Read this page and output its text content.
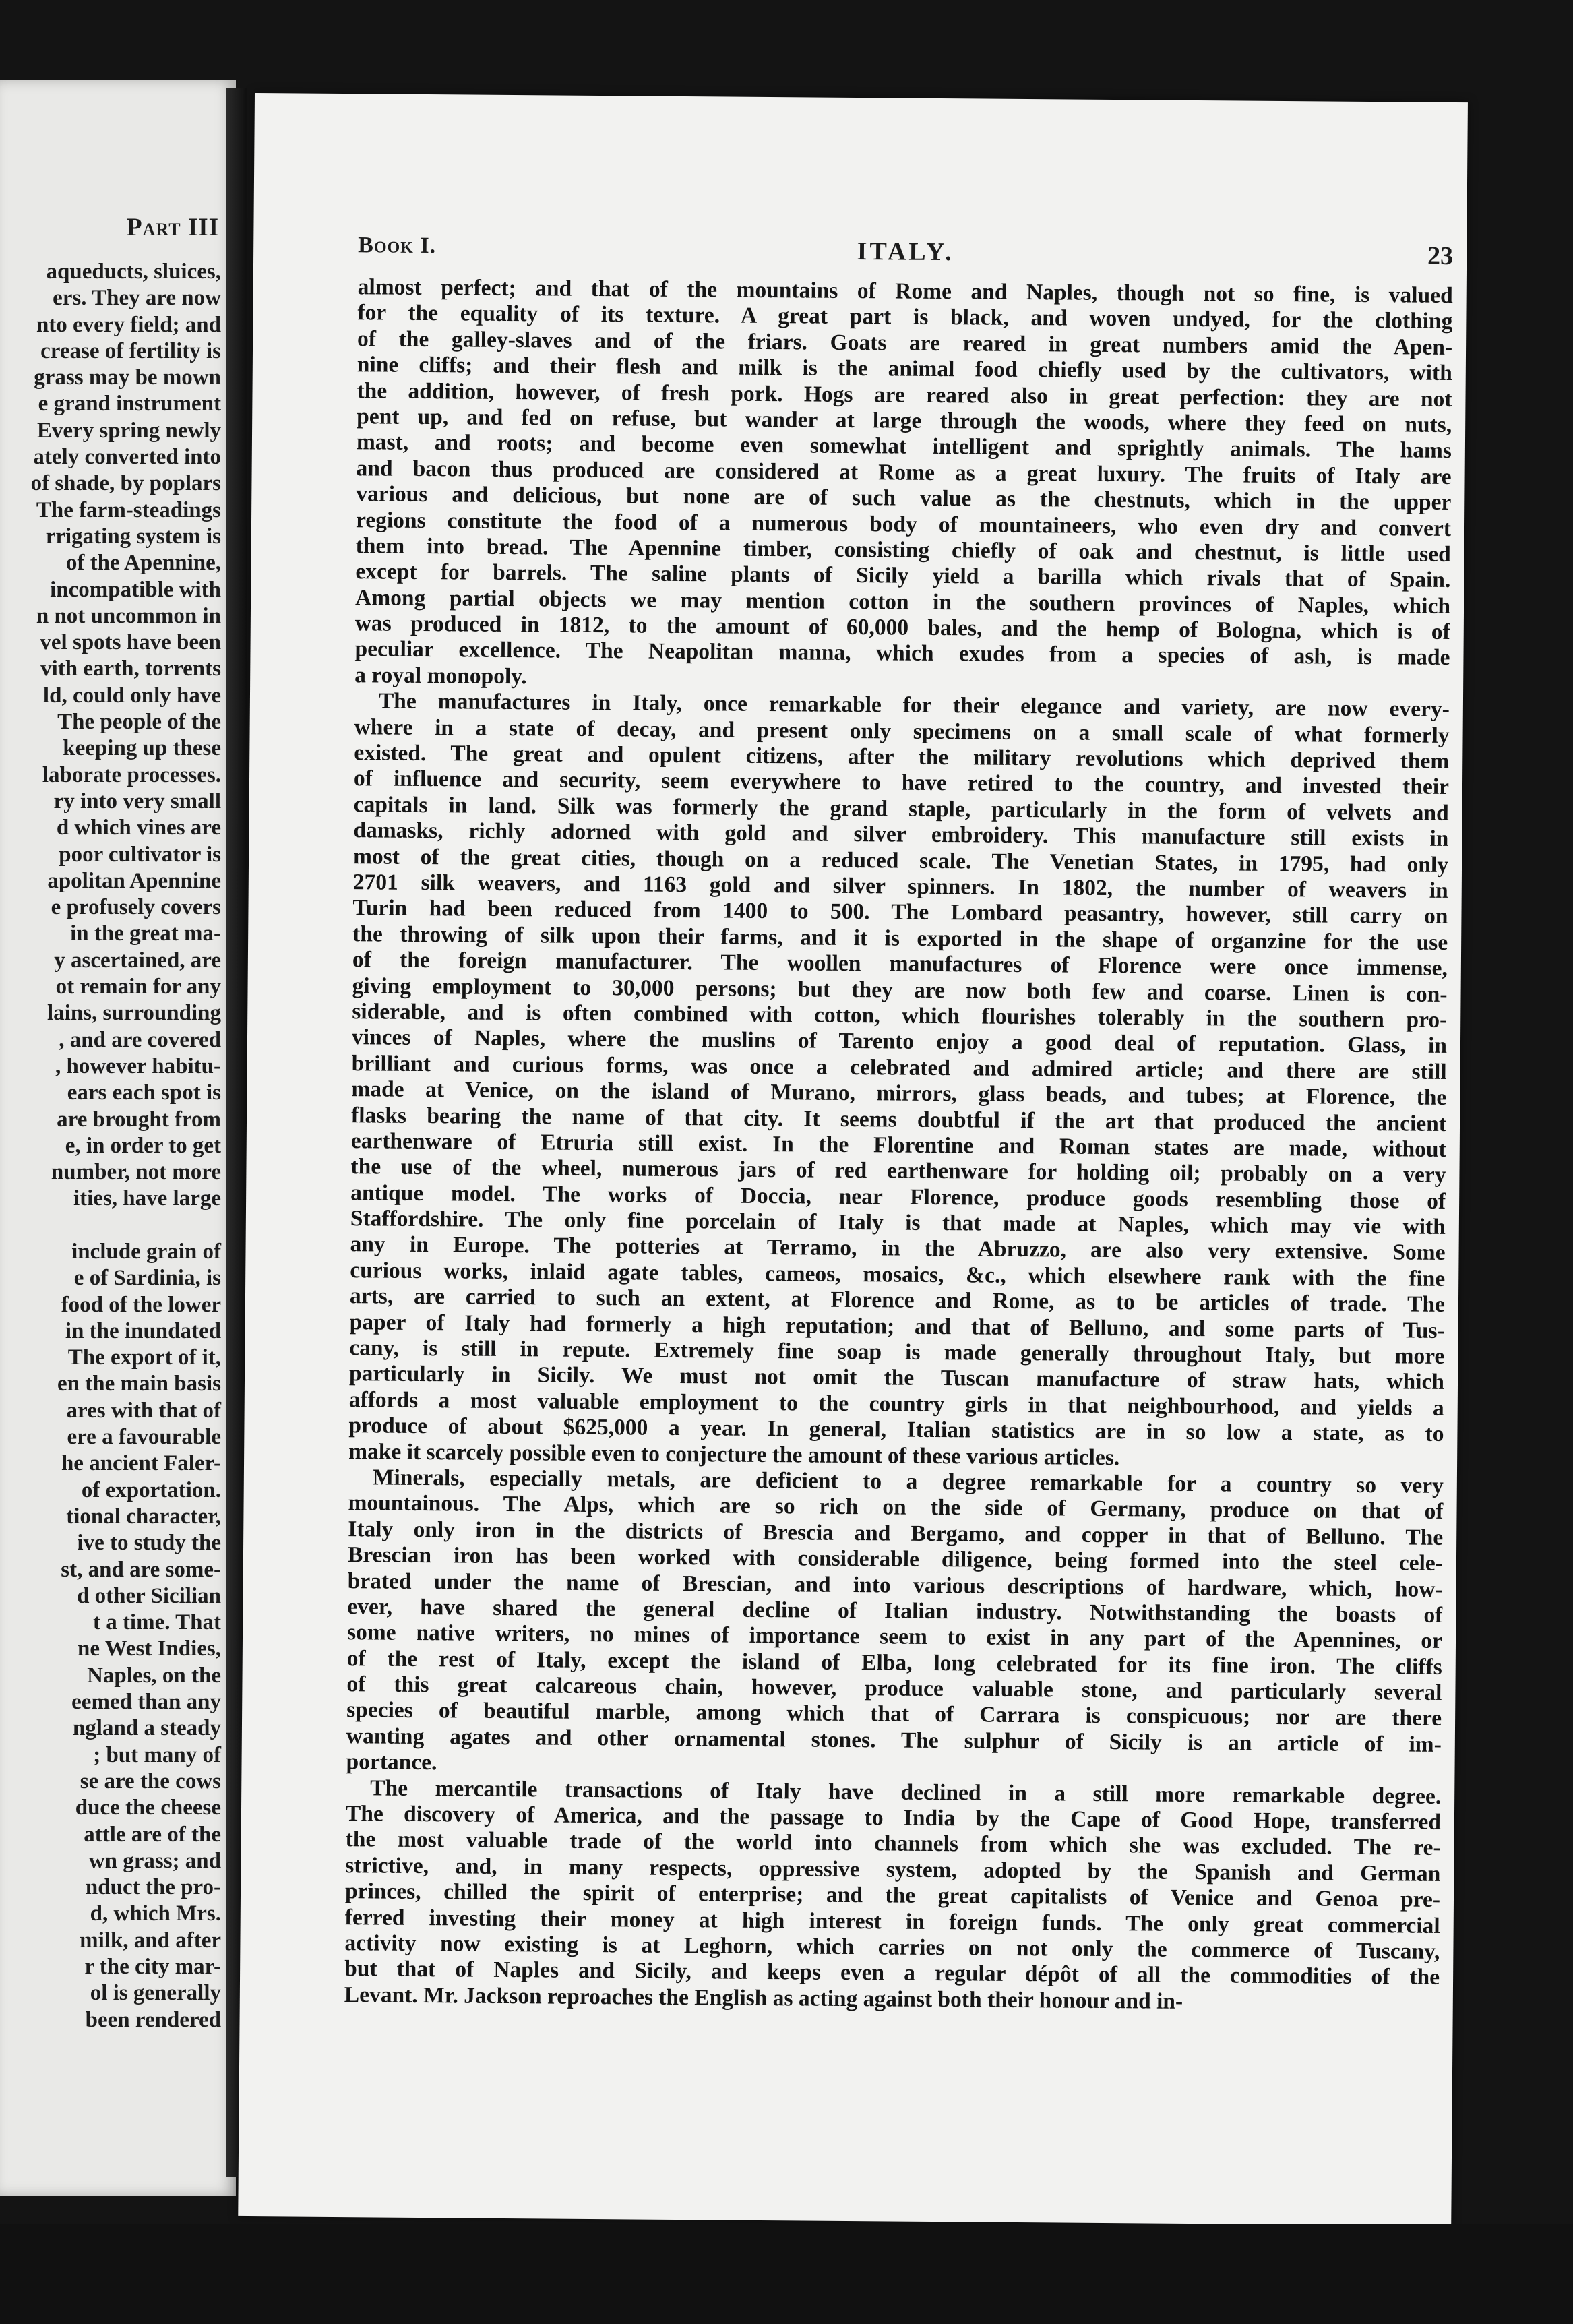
Part III
aqueducts, sluices,
ers. They are now
nto every field; and
crease of fertility is
grass may be mown
e grand instrument
Every spring newly
ately converted into
of shade, by poplars
The farm-steadings
rrigating system is
of the Apennine,
incompatible with
n not uncommon in
vel spots have been
vith earth, torrents
ld, could only have
The people of the
keeping up these
laborate processes.
ry into very small
d which vines are
poor cultivator is
apolitan Apennine
e profusely covers
in the great ma-
y ascertained, are
ot remain for any
lains, surrounding
, and are covered
, however habitu-
ears each spot is
are brought from
e, in order to get
number, not more
ities, have large
include grain of
e of Sardinia, is
food of the lower
in the inundated
The export of it,
en the main basis
ares with that of
ere a favourable
he ancient Faler-
of exportation.
tional character,
ive to study the
st, and are some-
d other Sicilian
t a time. That
ne West Indies,
Naples, on the
eemed than any
ngland a steady
; but many of
se are the cows
duce the cheese
attle are of the
wn grass; and
nduct the pro-
d, which Mrs.
milk, and after
r the city mar-
ol is generally
been rendered
Book I.	ITALY.	23
almost perfect; and that of the mountains of Rome and Naples, though not so fine, is valued
for the equality of its texture. A great part is black, and woven undyed, for the clothing
of the galley-slaves and of the friars. Goats are reared in great numbers amid the Apen-
nine cliffs; and their flesh and milk is the animal food chiefly used by the cultivators, with
the addition, however, of fresh pork. Hogs are reared also in great perfection: they are not
pent up, and fed on refuse, but wander at large through the woods, where they feed on nuts,
mast, and roots; and become even somewhat intelligent and sprightly animals. The hams
and bacon thus produced are considered at Rome as a great luxury. The fruits of Italy are
various and delicious, but none are of such value as the chestnuts, which in the upper
regions constitute the food of a numerous body of mountaineers, who even dry and convert
them into bread. The Apennine timber, consisting chiefly of oak and chestnut, is little used
except for barrels. The saline plants of Sicily yield a barilla which rivals that of Spain.
Among partial objects we may mention cotton in the southern provinces of Naples, which
was produced in 1812, to the amount of 60,000 bales, and the hemp of Bologna, which is of
peculiar excellence. The Neapolitan manna, which exudes from a species of ash, is made
a royal monopoly.
The manufactures in Italy, once remarkable for their elegance and variety, are now every-
where in a state of decay, and present only specimens on a small scale of what formerly
existed. The great and opulent citizens, after the military revolutions which deprived them
of influence and security, seem everywhere to have retired to the country, and invested their
capitals in land. Silk was formerly the grand staple, particularly in the form of velvets and
damasks, richly adorned with gold and silver embroidery. This manufacture still exists in
most of the great cities, though on a reduced scale. The Venetian States, in 1795, had only
2701 silk weavers, and 1163 gold and silver spinners. In 1802, the number of weavers in
Turin had been reduced from 1400 to 500. The Lombard peasantry, however, still carry on
the throwing of silk upon their farms, and it is exported in the shape of organzine for the use
of the foreign manufacturer. The woollen manufactures of Florence were once immense,
giving employment to 30,000 persons; but they are now both few and coarse. Linen is con-
siderable, and is often combined with cotton, which flourishes tolerably in the southern pro-
vinces of Naples, where the muslins of Tarento enjoy a good deal of reputation. Glass, in
brilliant and curious forms, was once a celebrated and admired article; and there are still
made at Venice, on the island of Murano, mirrors, glass beads, and tubes; at Florence, the
flasks bearing the name of that city. It seems doubtful if the art that produced the ancient
earthenware of Etruria still exist. In the Florentine and Roman states are made, without
the use of the wheel, numerous jars of red earthenware for holding oil; probably on a very
antique model. The works of Doccia, near Florence, produce goods resembling those of
Staffordshire. The only fine porcelain of Italy is that made at Naples, which may vie with
any in Europe. The potteries at Terramo, in the Abruzzo, are also very extensive. Some
curious works, inlaid agate tables, cameos, mosaics, &c., which elsewhere rank with the fine
arts, are carried to such an extent, at Florence and Rome, as to be articles of trade. The
paper of Italy had formerly a high reputation; and that of Belluno, and some parts of Tus-
cany, is still in repute. Extremely fine soap is made generally throughout Italy, but more
particularly in Sicily. We must not omit the Tuscan manufacture of straw hats, which
affords a most valuable employment to the country girls in that neighbourhood, and yields a
produce of about $625,000 a year. In general, Italian statistics are in so low a state, as to
make it scarcely possible even to conjecture the amount of these various articles.
Minerals, especially metals, are deficient to a degree remarkable for a country so very
mountainous. The Alps, which are so rich on the side of Germany, produce on that of
Italy only iron in the districts of Brescia and Bergamo, and copper in that of Belluno. The
Brescian iron has been worked with considerable diligence, being formed into the steel cele-
brated under the name of Brescian, and into various descriptions of hardware, which, how-
ever, have shared the general decline of Italian industry. Notwithstanding the boasts of
some native writers, no mines of importance seem to exist in any part of the Apennines, or
of the rest of Italy, except the island of Elba, long celebrated for its fine iron. The cliffs
of this great calcareous chain, however, produce valuable stone, and particularly several
species of beautiful marble, among which that of Carrara is conspicuous; nor are there
wanting agates and other ornamental stones. The sulphur of Sicily is an article of im-
portance.
The mercantile transactions of Italy have declined in a still more remarkable degree.
The discovery of America, and the passage to India by the Cape of Good Hope, transferred
the most valuable trade of the world into channels from which she was excluded. The re-
strictive, and, in many respects, oppressive system, adopted by the Spanish and German
princes, chilled the spirit of enterprise; and the great capitalists of Venice and Genoa pre-
ferred investing their money at high interest in foreign funds. The only great commercial
activity now existing is at Leghorn, which carries on not only the commerce of Tuscany,
but that of Naples and Sicily, and keeps even a regular dépôt of all the commodities of the
Levant. Mr. Jackson reproaches the English as acting against both their honour and in-
